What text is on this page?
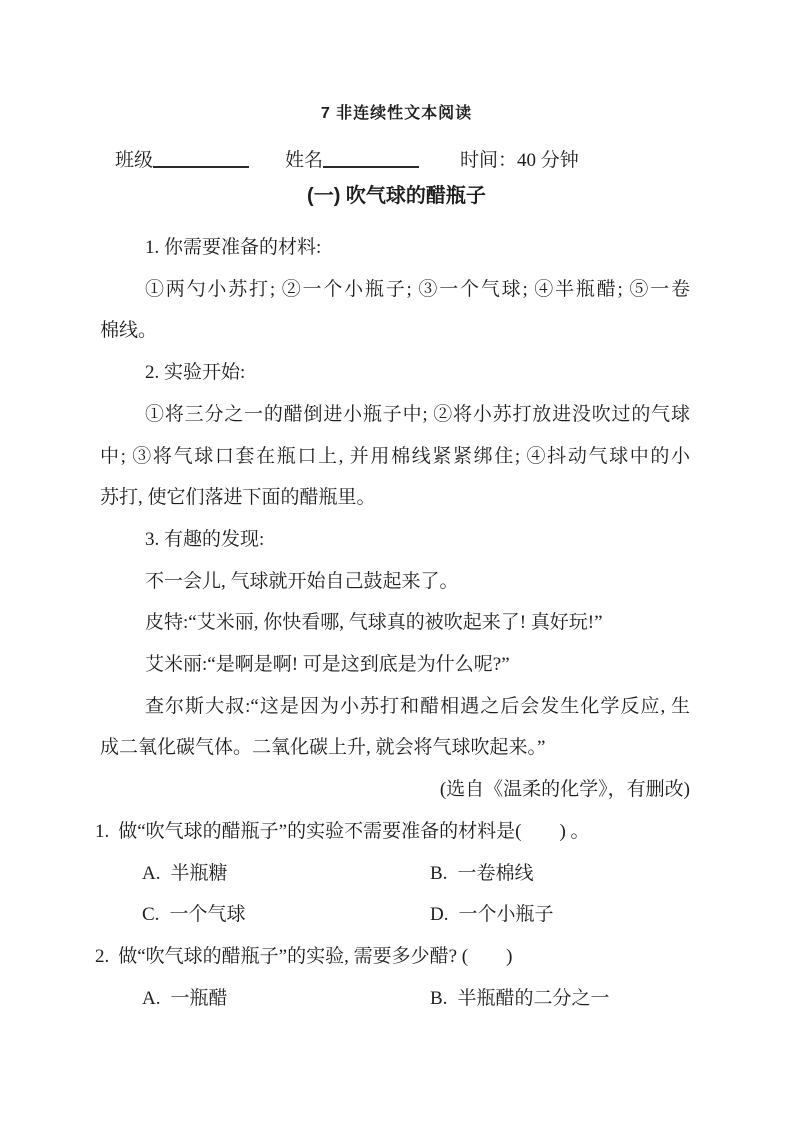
7 非连续性文本阅读
班级	姓名	时间：40 分钟
(一) 吹气球的醋瓶子
1. 你需要准备的材料:
①两勺小苏打; ②一个小瓶子; ③一个气球; ④半瓶醋; ⑤一卷
棉线。
2. 实验开始:
①将三分之一的醋倒进小瓶子中; ②将小苏打放进没吹过的气球
中; ③将气球口套在瓶口上, 并用棉线紧紧绑住; ④抖动气球中的小
苏打, 使它们落进下面的醋瓶里。
3. 有趣的发现:
不一会儿, 气球就开始自己鼓起来了。
皮特:“艾米丽, 你快看哪, 气球真的被吹起来了! 真好玩!”
艾米丽:“是啊是啊! 可是这到底是为什么呢?”
查尔斯大叔:“这是因为小苏打和醋相遇之后会发生化学反应, 生
成二氧化碳气体。二氧化碳上升, 就会将气球吹起来。”
(选自《温柔的化学》，有删改)
1. 做“吹气球的醋瓶子”的实验不需要准备的材料是(　　) 。
A. 半瓶糖	B. 一卷棉线
C. 一个气球	D. 一个小瓶子
2. 做“吹气球的醋瓶子”的实验, 需要多少醋? (　　)
A. 一瓶醋	B. 半瓶醋的二分之一
